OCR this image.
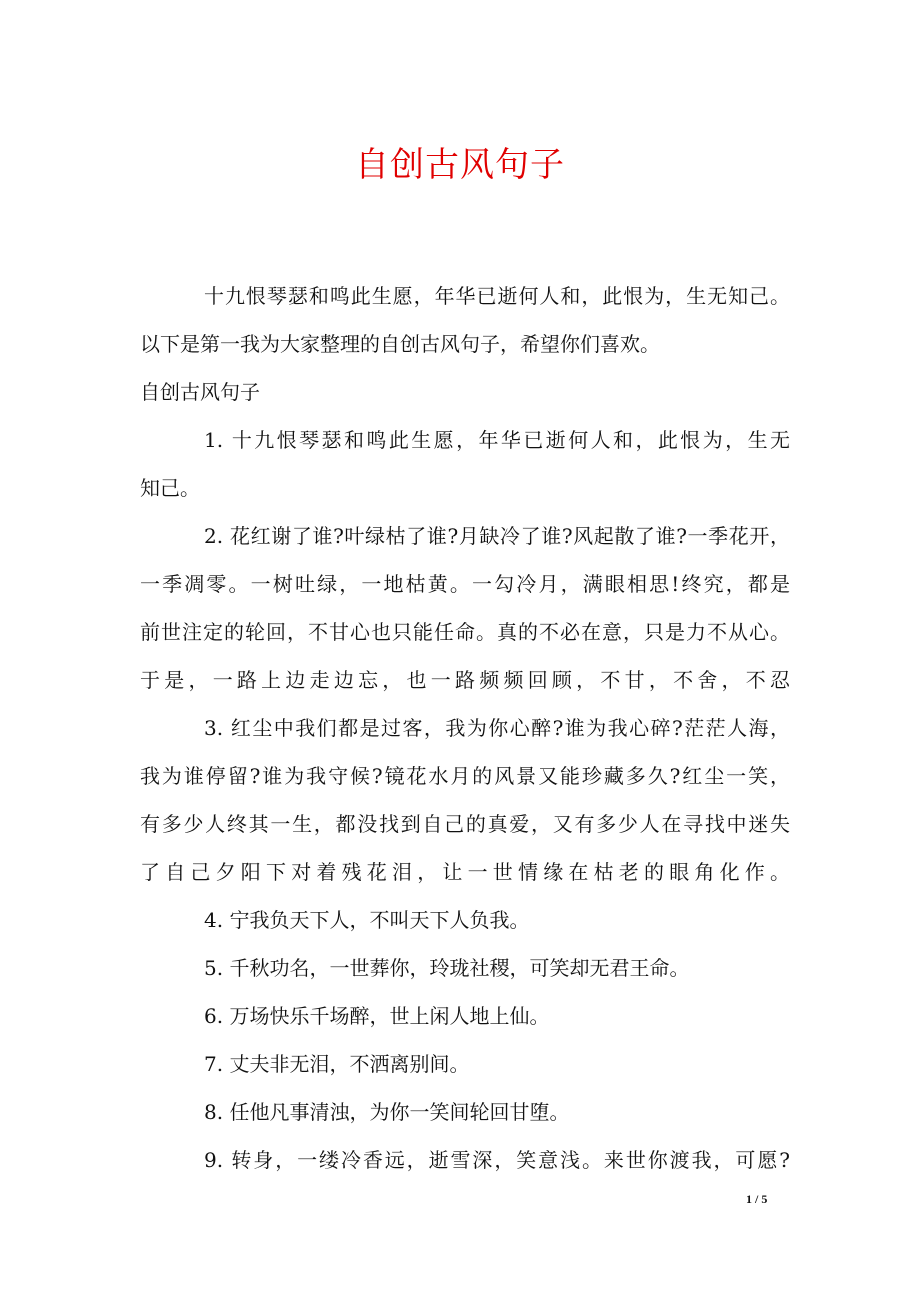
自创古风句子
十九恨琴瑟和鸣此生愿，年华已逝何人和，此恨为，生无知己。
以下是第一我为大家整理的自创古风句子，希望你们喜欢。
自创古风句子
1. 十九恨琴瑟和鸣此生愿，年华已逝何人和，此恨为，生无
知己。
2. 花红谢了谁?叶绿枯了谁?月缺冷了谁?风起散了谁?一季花开，
一季凋零。一树吐绿，一地枯黄。一勾冷月，满眼相思!终究，都是
前世注定的轮回，不甘心也只能任命。真的不必在意，只是力不从心。
于是，一路上边走边忘，也一路频频回顾，不甘，不舍，不忍
3. 红尘中我们都是过客，我为你心醉?谁为我心碎?茫茫人海，
我为谁停留?谁为我守候?镜花水月的风景又能珍藏多久?红尘一笑，
有多少人终其一生，都没找到自己的真爱，又有多少人在寻找中迷失
了自己夕阳下对着残花泪，让一世情缘在枯老的眼角化作。
4. 宁我负天下人，不叫天下人负我。
5. 千秋功名，一世葬你，玲珑社稷，可笑却无君王命。
6. 万场快乐千场醉，世上闲人地上仙。
7. 丈夫非无泪，不洒离别间。
8. 任他凡事清浊，为你一笑间轮回甘堕。
9. 转身，一缕冷香远，逝雪深，笑意浅。来世你渡我，可愿?
1 / 5
